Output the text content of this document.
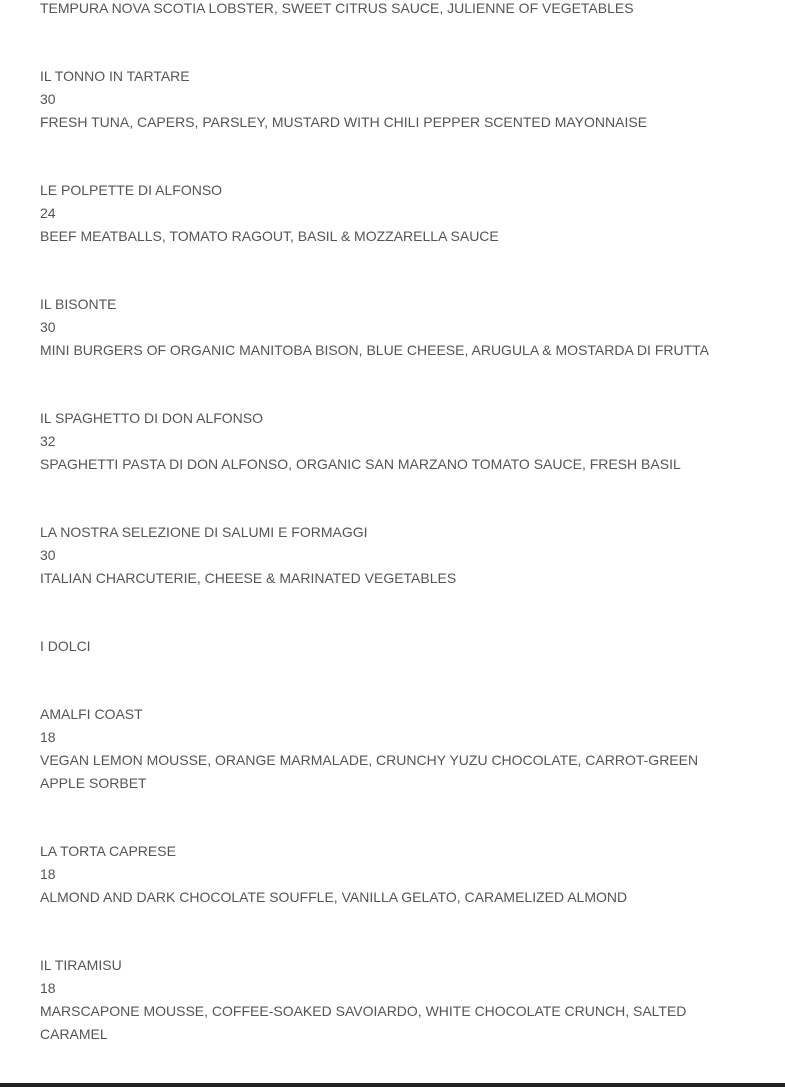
TEMPURA NOVA SCOTIA LOBSTER, SWEET CITRUS SAUCE, JULIENNE OF VEGETABLES
IL TONNO IN TARTARE
30
FRESH TUNA, CAPERS, PARSLEY, MUSTARD WITH CHILI PEPPER SCENTED MAYONNAISE
LE POLPETTE DI ALFONSO
24
BEEF MEATBALLS, TOMATO RAGOUT, BASIL & MOZZARELLA SAUCE
IL BISONTE
30
MINI BURGERS OF ORGANIC MANITOBA BISON, BLUE CHEESE, ARUGULA & MOSTARDA DI FRUTTA
IL SPAGHETTO DI DON ALFONSO
32
SPAGHETTI PASTA DI DON ALFONSO, ORGANIC SAN MARZANO TOMATO SAUCE, FRESH BASIL
LA NOSTRA SELEZIONE DI SALUMI E FORMAGGI
30
ITALIAN CHARCUTERIE, CHEESE & MARINATED VEGETABLES
I DOLCI
AMALFI COAST
18
VEGAN LEMON MOUSSE, ORANGE MARMALADE, CRUNCHY YUZU CHOCOLATE, CARROT-GREEN APPLE SORBET
LA TORTA CAPRESE
18
ALMOND AND DARK CHOCOLATE SOUFFLE, VANILLA GELATO, CARAMELIZED ALMOND
IL TIRAMISU
18
MARSCAPONE MOUSSE, COFFEE-SOAKED SAVOIARDO, WHITE CHOCOLATE CRUNCH, SALTED CARAMEL
